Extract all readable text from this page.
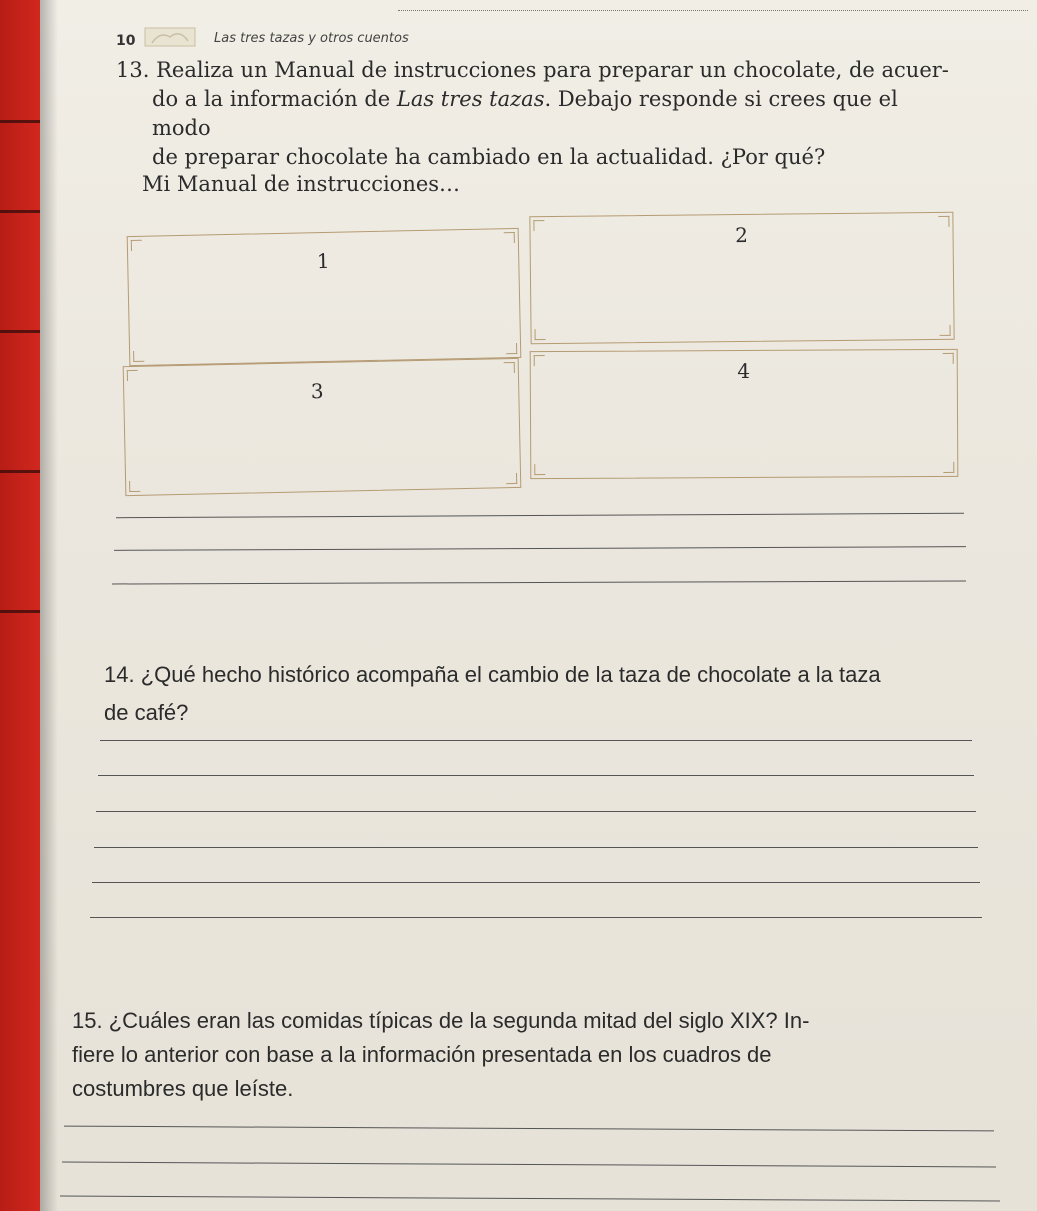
10	Las tres tazas y otros cuentos
13. Realiza un Manual de instrucciones para preparar un chocolate, de acuer-
do a la información de Las tres tazas. Debajo responde si crees que el modo
de preparar chocolate ha cambiado en la actualidad. ¿Por qué?
Mi Manual de instrucciones…
1
2
3
4
14. ¿Qué hecho histórico acompaña el cambio de la taza de chocolate a la taza
de café?
15. ¿Cuáles eran las comidas típicas de la segunda mitad del siglo XIX? In-
fiere lo anterior con base a la información presentada en los cuadros de
costumbres que leíste.
